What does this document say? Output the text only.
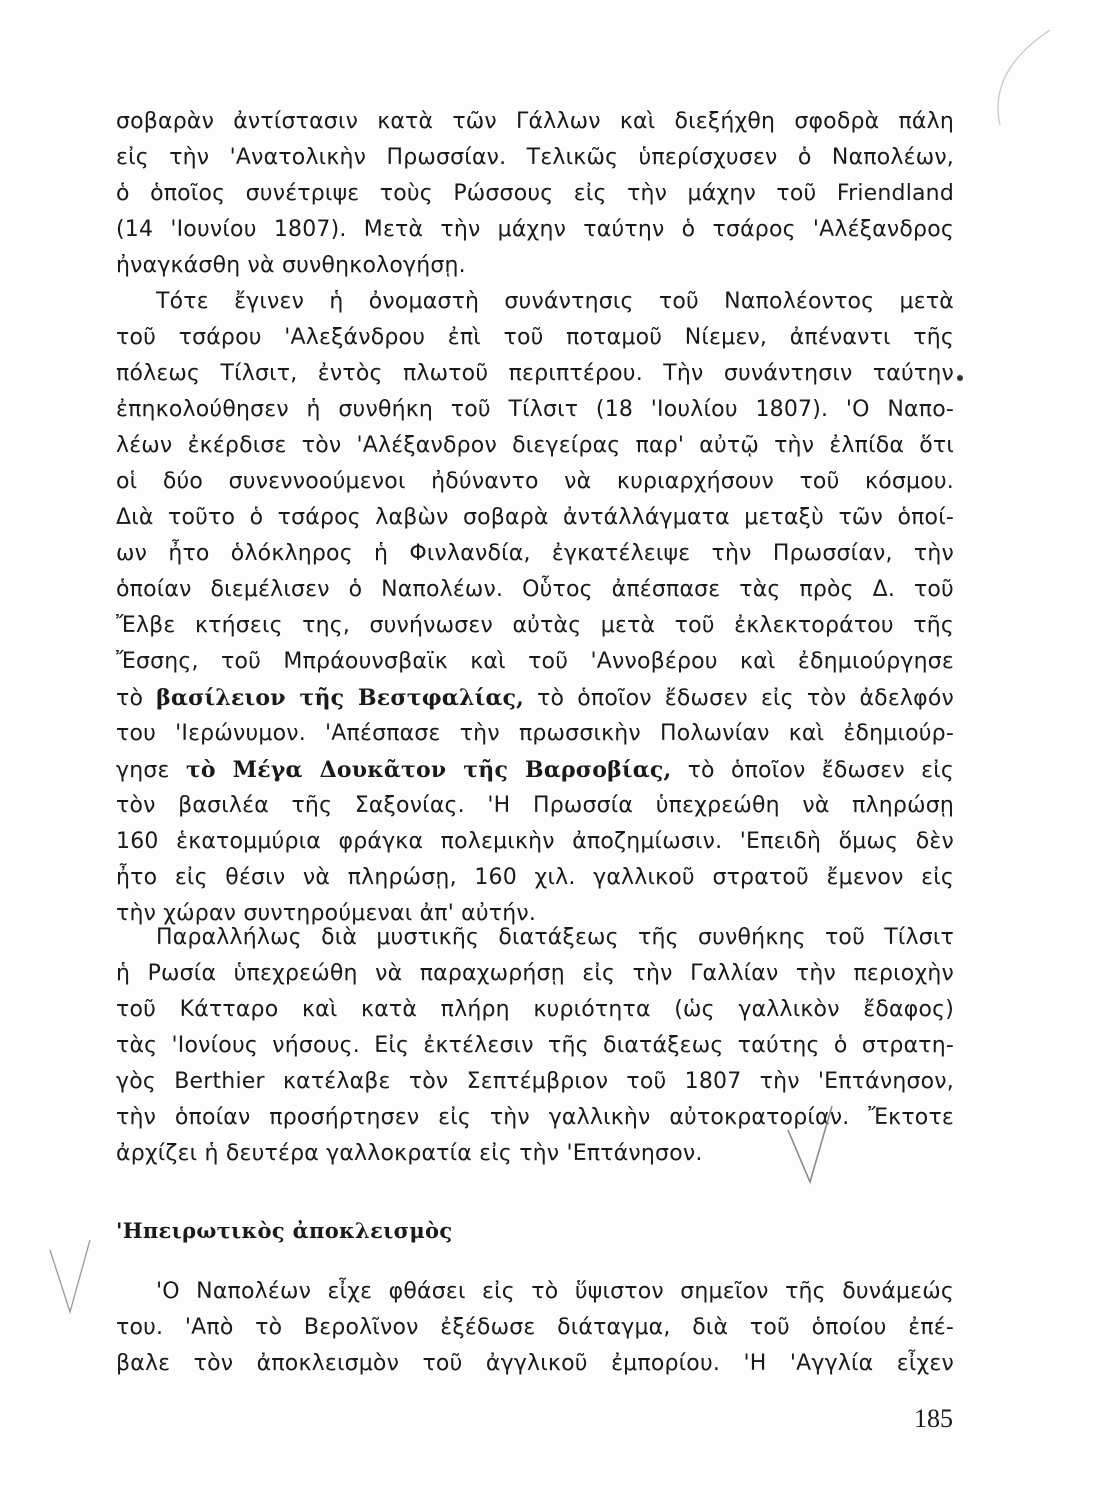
σοβαρὰν ἀντίστασιν κατὰ τῶν Γάλλων καὶ διεξήχθη σφοδρὰ πάλη
εἰς τὴν 'Ανατολικὴν Πρωσσίαν. Τελικῶς ὑπερίσχυσεν ὁ Ναπολέων,
ὁ ὁποῖος συνέτριψε τοὺς Ρώσσους εἰς τὴν μάχην τοῦ Friendland
(14 'Ιουνίου 1807). Μετὰ τὴν μάχην ταύτην ὁ τσάρος 'Αλέξανδρος
ἠναγκάσθη νὰ συνθηκολογήσῃ.
Τότε ἔγινεν ἡ ὀνομαστὴ συνάντησις τοῦ Ναπολέοντος μετὰ
τοῦ τσάρου 'Αλεξάνδρου ἐπὶ τοῦ ποταμοῦ Νίεμεν, ἀπέναντι τῆς
πόλεως Τίλσιτ, ἐντὸς πλωτοῦ περιπτέρου. Τὴν συνάντησιν ταύτην
ἐπηκολούθησεν ἡ συνθήκη τοῦ Τίλσιτ (18 'Ιουλίου 1807). 'Ο Ναπο-
λέων ἐκέρδισε τὸν 'Αλέξανδρον διεγείρας παρ' αὐτῷ τὴν ἐλπίδα ὅτι
οἱ δύο συνεννοούμενοι ἠδύναντο νὰ κυριαρχήσουν τοῦ κόσμου.
Διὰ τοῦτο ὁ τσάρος λαβὼν σοβαρὰ ἀντάλλάγματα μεταξὺ τῶν ὁποί-
ων ἦτο ὁλόκληρος ἡ Φινλανδία, ἐγκατέλειψε τὴν Πρωσσίαν, τὴν
ὁποίαν διεμέλισεν ὁ Ναπολέων. Οὗτος ἀπέσπασε τὰς πρὸς Δ. τοῦ
Ἔλβε κτήσεις της, συνήνωσεν αὐτὰς μετὰ τοῦ ἐκλεκτοράτου τῆς
Ἔσσης, τοῦ Μπράουνσβαϊκ καὶ τοῦ 'Αννοβέρου καὶ ἐδημιούργησε
τὸ βασίλειον τῆς Βεστφαλίας, τὸ ὁποῖον ἔδωσεν εἰς τὸν ἀδελφόν
του 'Ιερώνυμον. 'Απέσπασε τὴν πρωσσικὴν Πολωνίαν καὶ ἐδημιούρ-
γησε τὸ Μέγα Δουκᾶτον τῆς Βαρσοβίας, τὸ ὁποῖον ἔδωσεν εἰς
τὸν βασιλέα τῆς Σαξονίας. 'Η Πρωσσία ὑπεχρεώθη νὰ πληρώσῃ
160 ἑκατομμύρια φράγκα πολεμικὴν ἀποζημίωσιν. 'Επειδὴ ὅμως δὲν
ἦτο εἰς θέσιν νὰ πληρώσῃ, 160 χιλ. γαλλικοῦ στρατοῦ ἔμενον εἰς
τὴν χώραν συντηρούμεναι ἀπ' αὐτήν.
Παραλλήλως διὰ μυστικῆς διατάξεως τῆς συνθήκης τοῦ Τίλσιτ
ἡ Ρωσία ὑπεχρεώθη νὰ παραχωρήσῃ εἰς τὴν Γαλλίαν τὴν περιοχὴν
τοῦ Κάτταρο καὶ κατὰ πλήρη κυριότητα (ὡς γαλλικὸν ἔδαφος)
τὰς 'Ιονίους νήσους. Εἰς ἐκτέλεσιν τῆς διατάξεως ταύτης ὁ στρατη-
γὸς Berthier κατέλαβε τὸν Σεπτέμβριον τοῦ 1807 τὴν 'Επτάνησον,
τὴν ὁποίαν προσήρτησεν εἰς τὴν γαλλικὴν αὐτοκρατορίαν. Ἔκτοτε
ἀρχίζει ἡ δευτέρα γαλλοκρατία εἰς τὴν 'Επτάνησον.
'Ηπειρωτικὸς ἀποκλεισμὸς
'Ο Ναπολέων εἶχε φθάσει εἰς τὸ ὕψιστον σημεῖον τῆς δυνάμεώς
του. 'Απὸ τὸ Βερολῖνον ἐξέδωσε διάταγμα, διὰ τοῦ ὁποίου ἐπέ-
βαλε τὸν ἀποκλεισμὸν τοῦ ἀγγλικοῦ ἐμπορίου. 'Η 'Αγγλία εἶχεν
185
